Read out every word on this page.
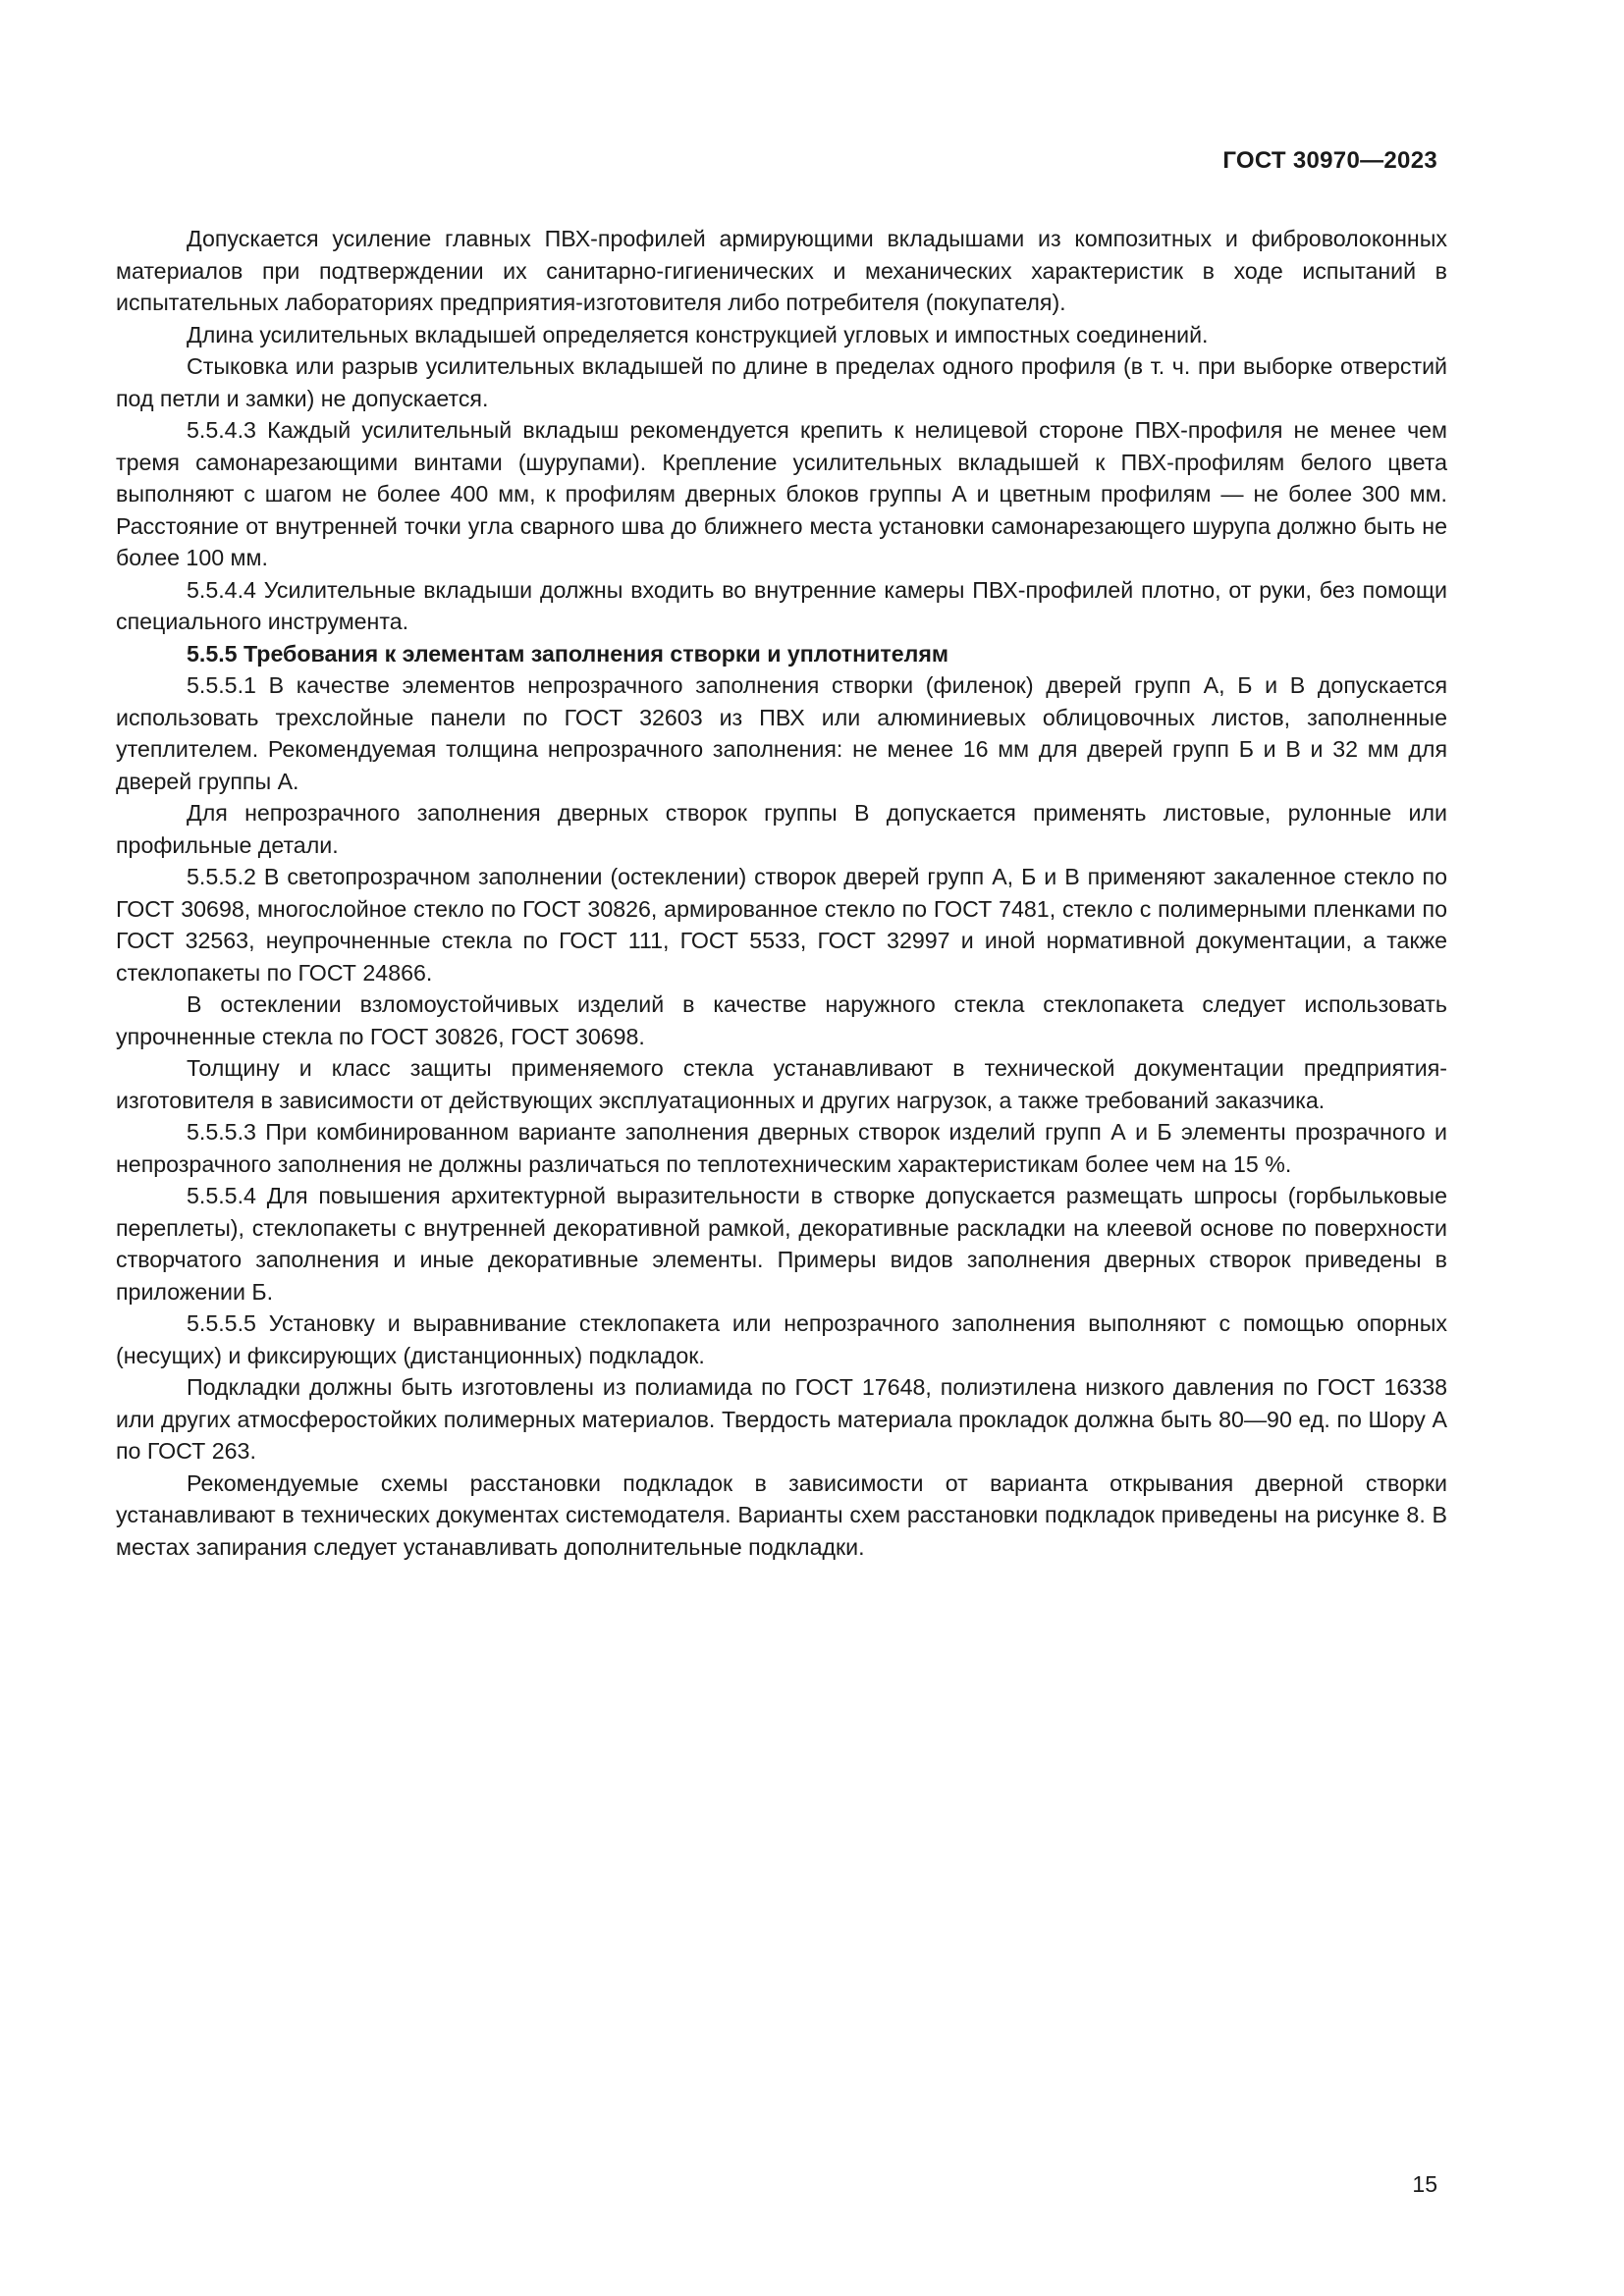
ГОСТ 30970—2023

Допускается усиление главных ПВХ-профилей армирующими вкладышами из композитных и фиброволоконных материалов при подтверждении их санитарно-гигиенических и механических характеристик в ходе испытаний в испытательных лабораториях предприятия-изготовителя либо потребителя (покупателя).

Длина усилительных вкладышей определяется конструкцией угловых и импостных соединений.

Стыковка или разрыв усилительных вкладышей по длине в пределах одного профиля (в т. ч. при выборке отверстий под петли и замки) не допускается.

5.5.4.3 Каждый усилительный вкладыш рекомендуется крепить к нелицевой стороне ПВХ-профиля не менее чем тремя самонарезающими винтами (шурупами). Крепление усилительных вкладышей к ПВХ-профилям белого цвета выполняют с шагом не более 400 мм, к профилям дверных блоков группы А и цветным профилям — не более 300 мм. Расстояние от внутренней точки угла сварного шва до ближнего места установки самонарезающего шурупа должно быть не более 100 мм.

5.5.4.4 Усилительные вкладыши должны входить во внутренние камеры ПВХ-профилей плотно, от руки, без помощи специального инструмента.

5.5.5 Требования к элементам заполнения створки и уплотнителям

5.5.5.1 В качестве элементов непрозрачного заполнения створки (филенок) дверей групп А, Б и В допускается использовать трехслойные панели по ГОСТ 32603 из ПВХ или алюминиевых облицовочных листов, заполненные утеплителем. Рекомендуемая толщина непрозрачного заполнения: не менее 16 мм для дверей групп Б и В и 32 мм для дверей группы А.

Для непрозрачного заполнения дверных створок группы В допускается применять листовые, рулонные или профильные детали.

5.5.5.2 В светопрозрачном заполнении (остеклении) створок дверей групп А, Б и В применяют закаленное стекло по ГОСТ 30698, многослойное стекло по ГОСТ 30826, армированное стекло по ГОСТ 7481, стекло с полимерными пленками по ГОСТ 32563, неупрочненные стекла по ГОСТ 111, ГОСТ 5533, ГОСТ 32997 и иной нормативной документации, а также стеклопакеты по ГОСТ 24866.

В остеклении взломоустойчивых изделий в качестве наружного стекла стеклопакета следует использовать упрочненные стекла по ГОСТ 30826, ГОСТ 30698.

Толщину и класс защиты применяемого стекла устанавливают в технической документации предприятия-изготовителя в зависимости от действующих эксплуатационных и других нагрузок, а также требований заказчика.

5.5.5.3 При комбинированном варианте заполнения дверных створок изделий групп А и Б элементы прозрачного и непрозрачного заполнения не должны различаться по теплотехническим характеристикам более чем на 15 %.

5.5.5.4 Для повышения архитектурной выразительности в створке допускается размещать шпросы (горбыльковые переплеты), стеклопакеты с внутренней декоративной рамкой, декоративные раскладки на клеевой основе по поверхности створчатого заполнения и иные декоративные элементы. Примеры видов заполнения дверных створок приведены в приложении Б.

5.5.5.5 Установку и выравнивание стеклопакета или непрозрачного заполнения выполняют с помощью опорных (несущих) и фиксирующих (дистанционных) подкладок.

Подкладки должны быть изготовлены из полиамида по ГОСТ 17648, полиэтилена низкого давления по ГОСТ 16338 или других атмосферостойких полимерных материалов. Твердость материала прокладок должна быть 80—90 ед. по Шору А по ГОСТ 263.

Рекомендуемые схемы расстановки подкладок в зависимости от варианта открывания дверной створки устанавливают в технических документах системодателя. Варианты схем расстановки подкладок приведены на рисунке 8. В местах запирания следует устанавливать дополнительные подкладки.

15
